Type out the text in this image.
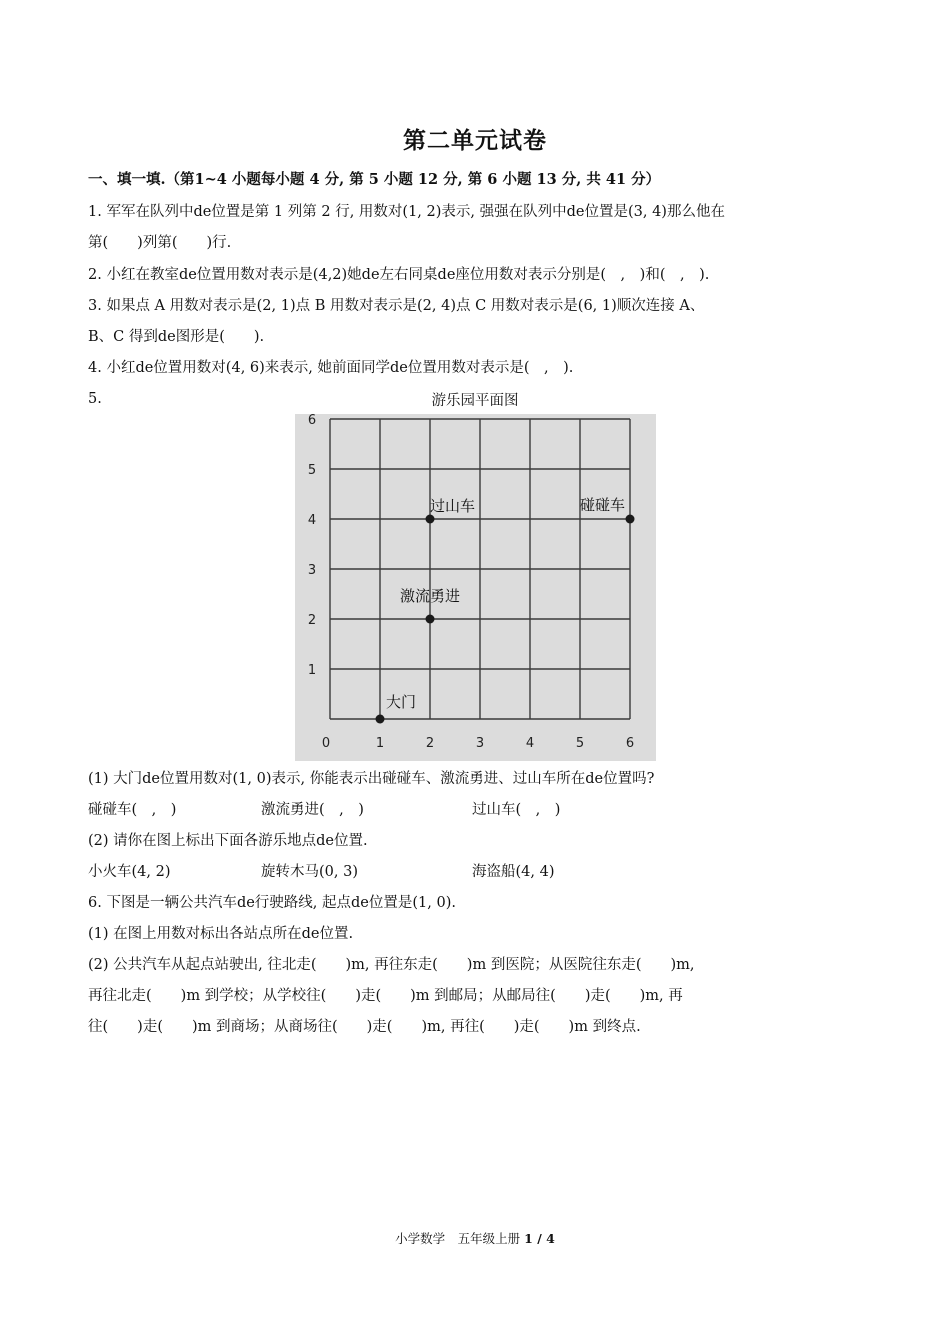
第二单元试卷
一、填一填.（第1~4 小题每小题 4 分, 第 5 小题 12 分, 第 6 小题 13 分, 共 41 分）
1. 军军在队列中de位置是第 1 列第 2 行, 用数对(1, 2)表示, 强强在队列中de位置是(3, 4)那么他在
第(　　)列第(　　)行.
2. 小红在教室de位置用数对表示是(4,2)她de左右同桌de座位用数对表示分别是(　,　)和(　,　).
3. 如果点 A 用数对表示是(2, 1)点 B 用数对表示是(2, 4)点 C 用数对表示是(6, 1)顺次连接 A、
B、C 得到de图形是(　　).
4. 小红de位置用数对(4, 6)来表示, 她前面同学de位置用数对表示是(　,　).
5.	游乐园平面图
0	1	2	3	4	5	6
1
2
3
4
5
6
过山车	碰碰车
激流勇进
大门
(1) 大门de位置用数对(1, 0)表示, 你能表示出碰碰车、激流勇进、过山车所在de位置吗?
碰碰车(　,　)	激流勇进(　,　)	过山车(　,　)
(2) 请你在图上标出下面各游乐地点de位置.
小火车(4, 2)	旋转木马(0, 3)	海盗船(4, 4)
6. 下图是一辆公共汽车de行驶路线, 起点de位置是(1, 0).
(1) 在图上用数对标出各站点所在de位置.
(2) 公共汽车从起点站驶出, 往北走(　　)m, 再往东走(　　)m 到医院；从医院往东走(　　)m,
再往北走(　　)m 到学校；从学校往(　　)走(　　)m 到邮局；从邮局往(　　)走(　　)m, 再
往(　　)走(　　)m 到商场；从商场往(　　)走(　　)m, 再往(　　)走(　　)m 到终点.
小学数学　五年级上册 1 / 4
